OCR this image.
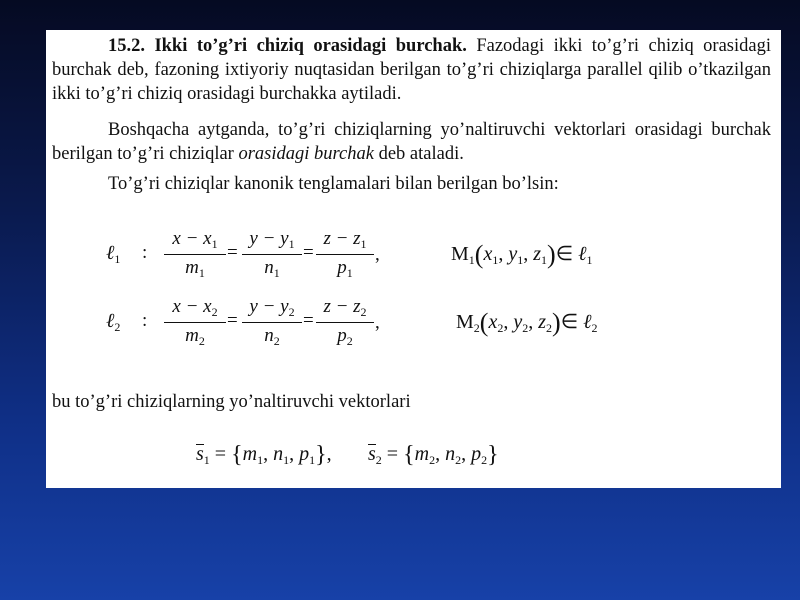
15.2. Ikki to’g’ri chiziq orasidagi burchak. Fazodagi ikki to’g’ri chiziq orasidagi burchak deb, fazoning ixtiyoriy nuqtasidan berilgan to’g’ri chiziqlarga parallel qilib o’tkazilgan ikki to’g’ri chiziq orasidagi burchakka aytiladi.

Boshqacha aytganda, to’g’ri chiziqlarning yo’naltiruvchi vektorlari orasidagi burchak berilgan to’g’ri chiziqlar orasidagi burchak deb ataladi.

To’g’ri chiziqlar kanonik tenglamalari bilan berilgan bo’lsin:

ℓ$_1$ :
$x - x_1$
$m_1$
=
$y - y_1$
$n_1$
=
$z - z_1$
$p_1$
,	$M_1(x_1$, $y_1$, $z_1)\in$ ℓ$_1$
ℓ$_2$ :
$x - x_2$
$m_2$
=
$y - y_2$
$n_2$
=
$z - z_2$
$p_2$
,	$M_2(x_2$, $y_2$, $z_2)\in$ ℓ$_2$

bu to’g’ri chiziqlarning yo’naltiruvchi vektorlari

$s_1 = \{m_1$, $n_1$, $p_1$}, $s_2 = \{m_2$, $n_2$, $p_2$}
